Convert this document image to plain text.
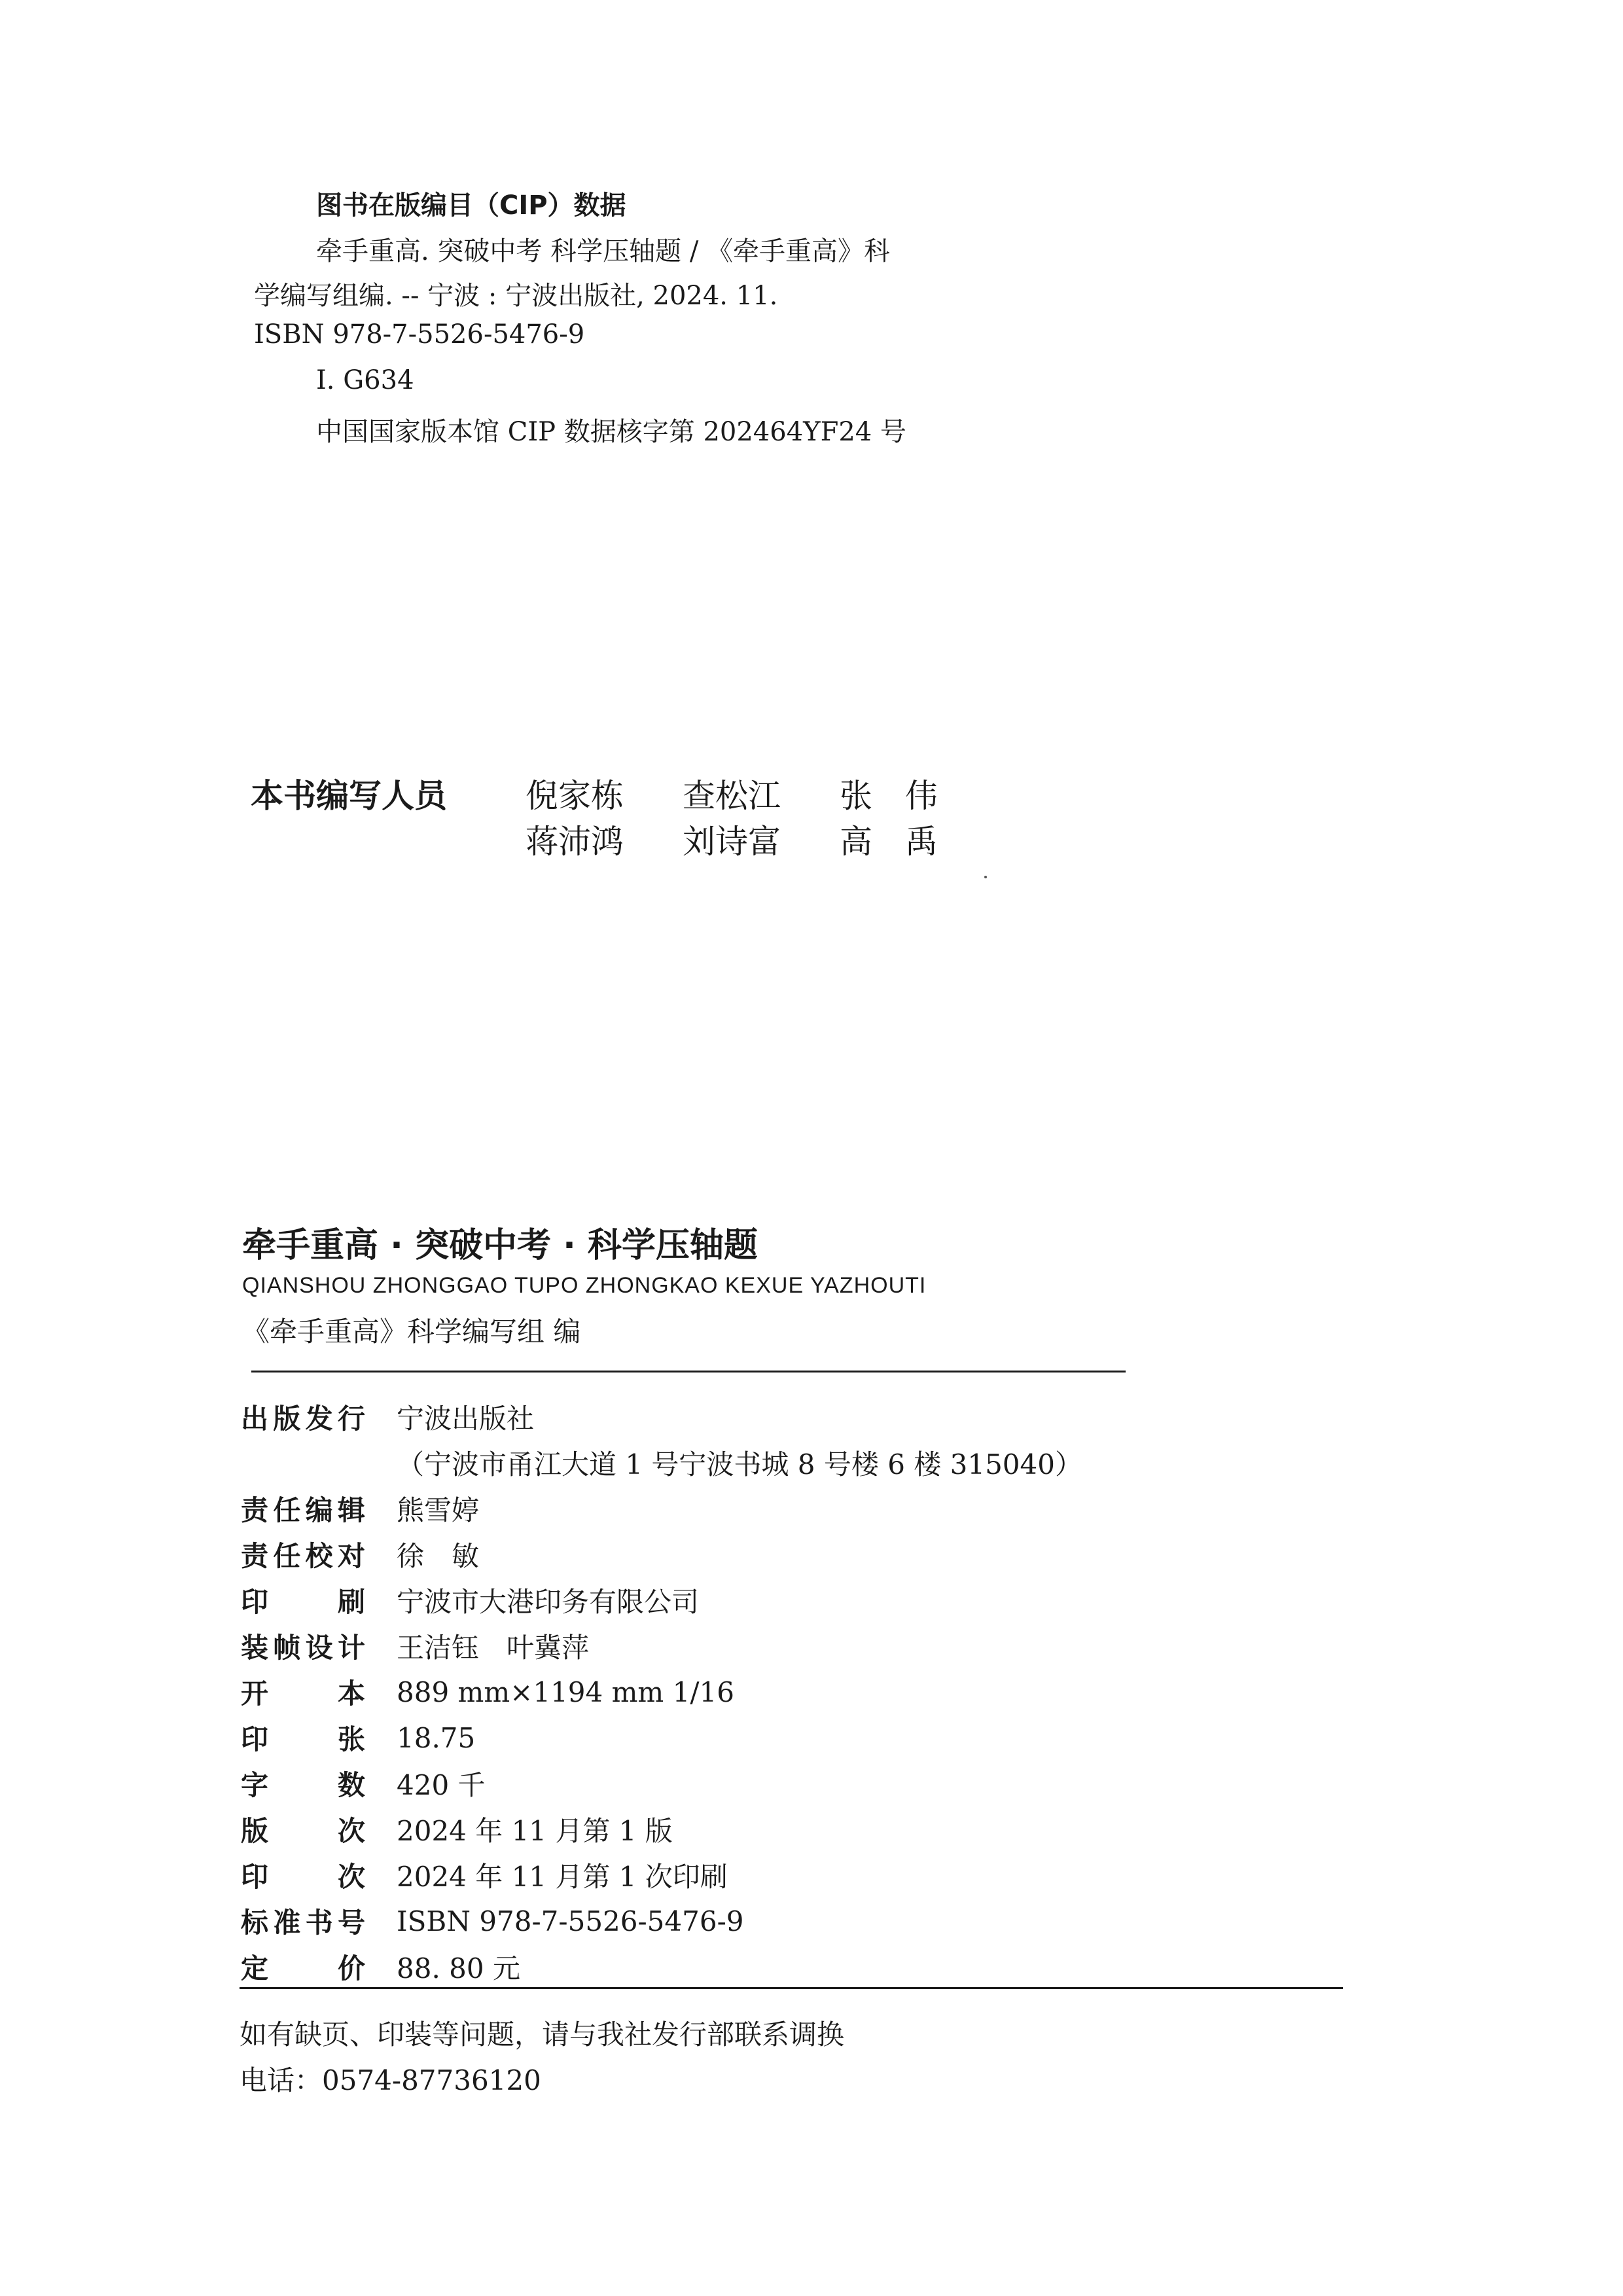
图书在版编目（CIP）数据
牵手重高. 突破中考 科学压轴题 / 《牵手重高》科
学编写组编. -- 宁波 : 宁波出版社, 2024. 11.
ISBN 978-7-5526-5476-9
Ⅰ. G634
中国国家版本馆 CIP 数据核字第 202464YF24 号
本书编写人员 倪家栋 查松江 张　伟
蒋沛鸿 刘诗富 高　禹
牵手重高 · 突破中考 · 科学压轴题
QIANSHOU ZHONGGAO TUPO ZHONGKAO KEXUE YAZHOUTI
《牵手重高》科学编写组 编
出 版 发 行 宁波出版社
（宁波市甬江大道 1 号宁波书城 8 号楼 6 楼 315040）
责 任 编 辑 熊雪婷
责 任 校 对 徐　敏
印	刷 宁波市大港印务有限公司
装 帧 设 计 王洁钰　叶冀萍
开	本 889 mm×1194 mm 1/16
印	张 18.75
字	数 420 千
版	次 2024 年 11 月第 1 版
印	次 2024 年 11 月第 1 次印刷
标 准 书 号 ISBN 978-7-5526-5476-9
定	价 88. 80 元
如有缺页、印装等问题，请与我社发行部联系调换
电话：0574-87736120
